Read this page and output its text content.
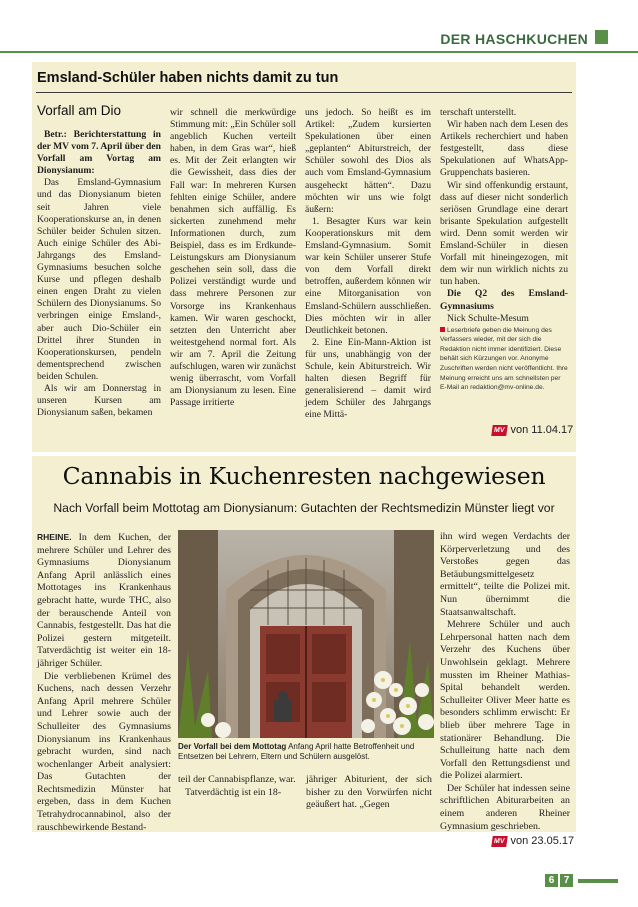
DER HASCHKUCHEN
Emsland-Schüler haben nichts damit zu tun
Vorfall am Dio

Betr.: Berichterstattung in der MV vom 7. April über den Vorfall am Vortag am Dionysianum:

Das Emsland-Gymnasium und das Dionysianum bieten seit Jahren viele Kooperationskurse an, in denen Schüler beider Schulen sitzen. Auch einige Schüler des Abi-Jahrgangs des Emsland-Gymnasiums besuchen solche Kurse und pflegen deshalb einen engen Draht zu vielen Schülern des Dionysianums. So verbringen einige Emsland-, aber auch Dio-Schüler ein Drittel ihrer Stunden in Kooperationskursen, pendeln dementsprechend zwischen beiden Schulen.

Als wir am Donnerstag in unseren Kursen am Dionysianum saßen, bekamen

wir schnell die merkwürdige Stimmung mit: „Ein Schüler soll angeblich Kuchen verteilt haben, in dem Gras war“, hieß es. Mit der Zeit erlangten wir die Gewissheit, dass dies der Fall war: In mehreren Kursen fehlten einige Schüler, andere benahmen sich auffällig. Es sickerten zunehmend mehr Informationen durch, zum Beispiel, dass es im Erdkunde-Leistungskurs am Dionysianum geschehen sein soll, dass die Polizei verständigt wurde und dass mehrere Personen zur Vorsorge ins Krankenhaus kamen. Wir waren geschockt, setzten den Unterricht aber weitestgehend normal fort. Als wir am 7. April die Zeitung aufschlugen, waren wir zunächst wenig überrascht, vom Vorfall am Dionysianum zu lesen. Eine Passage irritierte

uns jedoch. So heißt es im Artikel: „Zudem kursierten Spekulationen über einen „geplanten“ Abiturstreich, der Schüler sowohl des Dios als auch vom Emsland-Gymnasium ausgeheckt hätten“. Dazu möchten wir uns wie folgt äußern:

1. Besagter Kurs war kein Kooperationskurs mit dem Emsland-Gymnasium. Somit war kein Schüler unserer Stufe von dem Vorfall direkt betroffen, außerdem können wir eine Mitorganisation von Emsland-Schülern ausschließen. Dies möchten wir in aller Deutlichkeit betonen.

2. Eine Ein-Mann-Aktion ist für uns, unabhängig von der Schule, kein Abiturstreich. Wir halten diesen Begriff für generalisierend – damit wird jedem Schüler des Jahrgangs eine Mittä-

terschaft unterstellt.

Wir haben nach dem Lesen des Artikels recherchiert und haben festgestellt, dass diese Spekulationen auf WhatsApp-Gruppenchats basieren.

Wir sind offenkundig erstaunt, dass auf dieser nicht sonderlich seriösen Grundlage eine derart brisante Spekulation aufgestellt wird. Denn somit werden wir Emsland-Schüler in diesen Vorfall mit hineingezogen, mit dem wir nun wirklich nichts zu tun haben.

Die Q2 des Emsland-Gymnasiums

Nick Schulte-Mesum

Leserbriefe geben die Meinung des Verfassers wieder, mit der sich die Redaktion nicht immer identifiziert. Diese behält sich Kürzungen vor. Anonyme Zuschriften werden nicht veröffentlicht. Ihre Meinung erreicht uns am schnellsten per E-Mail an redaktion@mv-online.de.

MV von 11.04.17
Cannabis in Kuchenresten nachgewiesen
Nach Vorfall beim Mottotag am Dionysianum: Gutachten der Rechtsmedizin Münster liegt vor

RHEINE. In dem Kuchen, der mehrere Schüler und Lehrer des Gymnasiums Dionysianum Anfang April anlässlich eines Mottotages ins Krankenhaus gebracht hatte, wurde THC, also der berauschende Anteil von Cannabis, festgestellt. Das hat die Polizei gestern mitgeteilt. Tatverdächtig ist weiter ein 18-jähriger Schüler.

Die verbliebenen Krümel des Kuchens, nach dessen Verzehr Anfang April mehrere Schüler und Lehrer sowie auch der Schulleiter des Gymnasiums Dionysianum ins Krankenhaus gebracht wurden, sind nach wochenlanger Arbeit analysiert: Das Gutachten der Rechtsmedizin Münster hat ergeben, dass in dem Kuchen Tetrahydrocannabinol, also der rauschbewirkende Bestand-

Der Vorfall bei dem Mottotag Anfang April hatte Betroffenheit und Entsetzen bei Lehrern, Eltern und Schülern ausgelöst.

teil der Cannabispflanze, war.

Tatverdächtig ist ein 18-

jähriger Abiturient, der sich bisher zu den Vorwürfen nicht geäußert hat. „Gegen

ihn wird wegen Verdachts der Körperverletzung und des Verstoßes gegen das Betäubungsmittelgesetz ermittelt“, teilte die Polizei mit. Nun übernimmt die Staatsanwaltschaft.

Mehrere Schüler und auch Lehrpersonal hatten nach dem Verzehr des Kuchens über Unwohlsein geklagt. Mehrere mussten im Rheiner Mathias-Spital behandelt werden. Schulleiter Oliver Meer hatte es besonders schlimm erwischt: Er blieb über mehrere Tage in stationärer Behandlung. Die Schulleitung hatte nach dem Vorfall den Rettungsdienst und die Polizei alarmiert.

Der Schüler hat indessen seine schriftlichen Abiturarbeiten an einem anderen Rheiner Gymnasium geschrieben.

MV von 23.05.17
6 7
